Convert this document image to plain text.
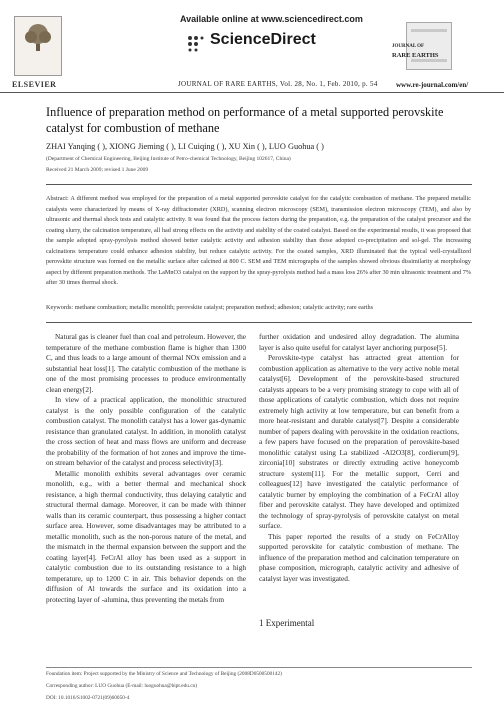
ELSEVIER
Available online at www.sciencedirect.com
ScienceDirect	JOURNAL OF
RARE EARTHS
JOURNAL OF RARE EARTHS, Vol. 28, No. 1, Feb. 2010, p. 54	www.re-journal.com/en/
Influence of preparation method on performance of a metal supported perovskite catalyst for combustion of methane
ZHAI Yanqing ( ), XIONG Jieming ( ), LI Cuiqing ( ), XU Xin ( ), LUO Guohua ( )
(Department of Chemical Engineering, Beijing Institute of Petro-chemical Technology, Beijing 102617, China)
Received 21 March 2009; revised 1 June 2009
Abstract: A different method was employed for the preparation of a metal supported perovskite catalyst for the catalytic combustion of methane. The prepared metallic catalysts were characterized by means of X-ray diffractometer (XRD), scanning electron microscopy (SEM), transmission electron microscopy (TEM), and also by ultrasonic and thermal shock tests and catalytic activity. It was found that the process factors during the preparation, e.g. the preparation of the catalyst precursor and the coating slurry, the calcination temperature, all had strong effects on the activity and stability of the coated catalyst. Based on the experimental results, it was proposed that the sample adopted spray-pyrolysis method showed better catalytic activity and adhesion stability than those adopted co-precipitation and sol-gel. The increasing calcinations temperature could enhance adhesion stability, but reduce catalytic activity. For the coated samples, XRD illuminated that the typical well-crystallized perovskite structure was formed on the metallic surface after calcined at 800 C. SEM and TEM micrographs of the samples showed obvious dissimilarity at morphology aspect by different preparation methods. The LaMnO3 catalyst on the support by the spray-pyrolysis method had a mass loss 26% after 30 min ultrasonic treatment and 7% after 30 times thermal shock.
Keywords: methane combustion; metallic monolith; perovskite catalyst; preparation method; adhesion; catalytic activity; rare earths

Natural gas is cleaner fuel than coal and petroleum. However, the temperature of the methane combustion flame is higher than 1300 C, and thus leads to a large amount of thermal NOx emission and a substantial heat loss[1]. The catalytic combustion of the methane is one of the most promising processes to produce environmentally clean energy[2].

In view of a practical application, the monolithic structured catalyst is the only possible configuration of the catalytic combustion catalyst. The monolith catalyst has a lower gas-dynamic resistance than granulated catalyst. In addition, in monolith catalyst the cross section of heat and mass flows are uniform and decrease the probability of the formation of hot zones and improve the time-on stream behavior of the catalyst and process selectivity[3].

Metallic monolith exhibits several advantages over ceramic monolith, e.g., with a better thermal and mechanical shock resistance, a high thermal conductivity, thus delaying catalytic and structural thermal damage. Moreover, it can be made with thinner walls than its ceramic counterpart, thus possessing a higher contact surface area. However, some disadvantages may be attributed to a metallic monolith, such as the non-porous nature of the metal, and the mismatch in the thermal expansion between the support and the coating layer[4]. FeCrAl alloy has been used as a support in catalytic combustion due to its outstanding resistance to a high temperature, up to 1200 C in air. This behavior depends on the diffusion of Al towards the surface and its oxidation into a protecting layer of -alumina, thus preventing the metals from

further oxidation and undesired alloy degradation. The alumina layer is also quite useful for catalyst layer anchoring purpose[5].

Perovskite-type catalyst has attracted great attention for combustion application as alternative to the very active noble metal catalyst[6]. Development of the perovskite-based structured catalysts appears to be a very promising strategy to cope with all of those applications of catalytic combustion, which does not require extremely high activity at low temperature, but can benefit from a more heat-resistant and durable catalyst[7]. Despite a considerable number of papers dealing with perovskite in the oxidation reactions, a few papers have focused on the preparation of perovskite-based monolithic catalyst using La stabilized -Al2O3[8], cordierum[9], zirconia[10] substrates or directly extruding active honeycomb structure system[11]. For the metallic support, Cerri and colleagues[12] have investigated the catalytic performance of catalytic burner by employing the combination of a FeCrAl alloy fiber and perovskite catalyst. They have developed and optimized the technology of spray-pyrolysis of perovskite catalyst on metal surface.

This paper reported the results of a study on FeCrAlloy supported perovskite for catalytic combustion of methane. The influence of the preparation method and calcination temperature on phase composition, micrograph, catalytic activity and adhesive of catalyst layer was investigated.

1 Experimental
Foundation item: Project supported by the Ministry of Science and Technology of Beijing (2008D0500500142)
Corresponding author: LUO Guohua (E-mail: luoguohua@bipt.edu.cn)
DOI: 10.1016/S1002-0721(09)60050-4
